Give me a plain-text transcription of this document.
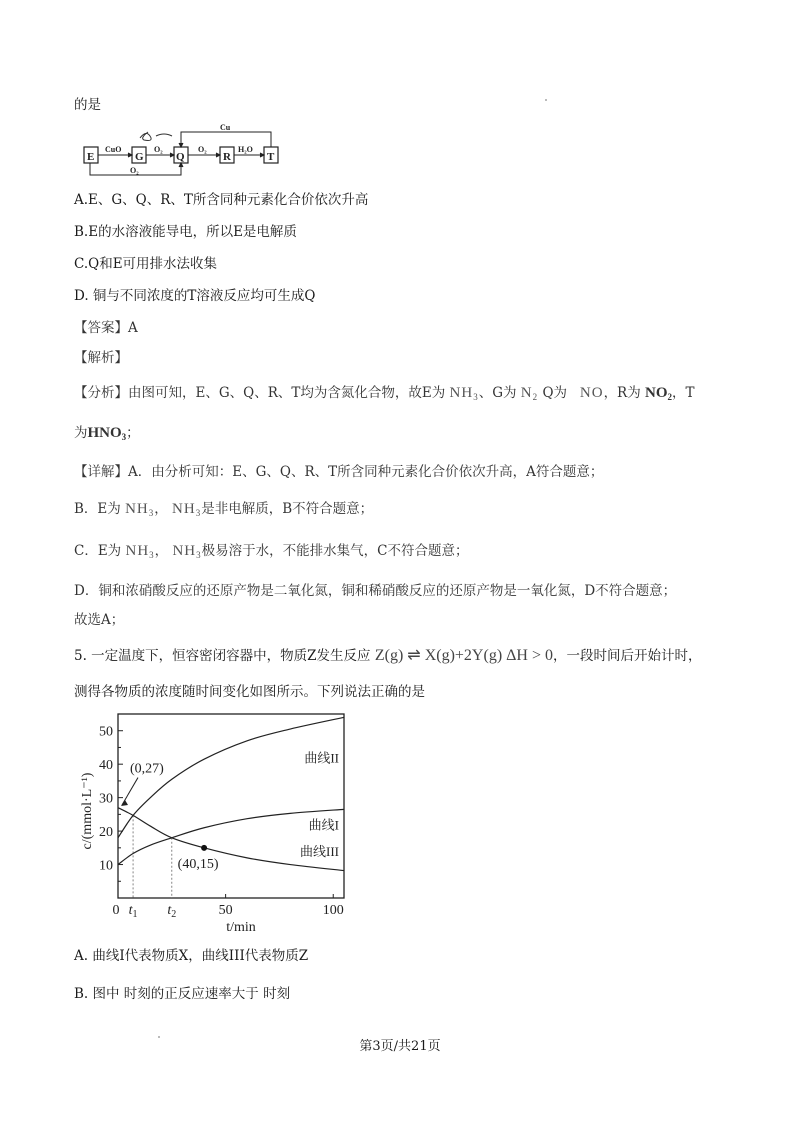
的是
E	G	Q	R	T
CuO	O₂	O₂	H₂O
Cu
O₂
A.E、G、Q、R、T所含同种元素化合价依次升高
B.E的水溶液能导电，所以E是电解质
C.Q和E可用排水法收集
D. 铜与不同浓度的T溶液反应均可生成Q
【答案】A
【解析】
【分析】由图可知，E、G、Q、R、T均为含氮化合物，故E为 $NH_3$、G为 $N_2$ Q为 NO，R为 $NO_2$，T
为$HNO_3$；
【详解】A．由分析可知：E、G、Q、R、T所含同种元素化合价依次升高，A符合题意；
B．E为 $NH_3$， $NH_3$是非电解质，B不符合题意；
C．E为 $NH_3$， $NH_3$极易溶于水，不能排水集气，C不符合题意；
D．铜和浓硝酸反应的还原产物是二氧化氮，铜和稀硝酸反应的还原产物是一氧化氮，D不符合题意；
故选A；
5. 一定温度下，恒容密闭容器中，物质Z发生反应 Z(g) ⇌ X(g)+2Y(g) ΔH > 0，一段时间后开始计时，
测得各物质的浓度随时间变化如图所示。下列说法正确的是
10
20
30
40
50
0	50	100
$t_1$ $t_2$
曲线I
曲线II
曲线III
(0,27)
(40,15)
t/min
c/(mmol·L⁻¹)
A. 曲线Ⅰ代表物质X，曲线III代表物质Z
B. 图中 时刻的正反应速率大于 时刻
第3页/共21页
